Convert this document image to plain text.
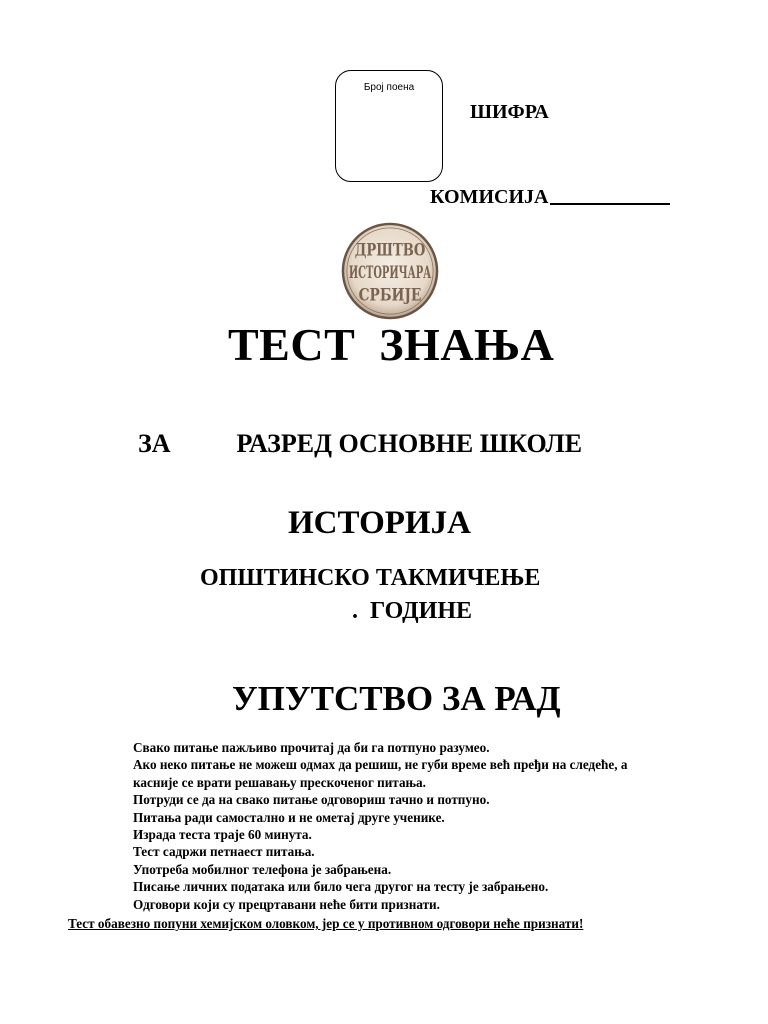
Број поена
ШИФРА
КОМИСИЈА
ДРШТВО
ИСТОРИЧАРА
СРБИЈЕ
ТЕСТ  ЗНАЊА
ЗА	РАЗРЕД ОСНОВНЕ ШКОЛЕ
ИСТОРИЈА
ОПШТИНСКО ТАКМИЧЕЊЕ
.  ГОДИНЕ
УПУТСТВО ЗА РАД
Свако питање пажљиво прочитај да би га потпуно разумео.
Ако неко питање не можеш одмах да решиш, не губи време већ пређи на следеће, а
касније се врати решавању прескоченог питања.
Потруди се да на свако питање одговориш тачно и потпуно.
Питања ради самостално и не ометај друге ученике.
Израда теста траје 60 минута.
Тест садржи петнаест питања.
Употреба мобилног телефона је забрањена.
Писање личних података или било чега другог на тесту је забрањено.
Одговори који су прецртавани неће бити признати.
Тест обавезно попуни хемијском оловком, јер се у противном одговори неће признати!
